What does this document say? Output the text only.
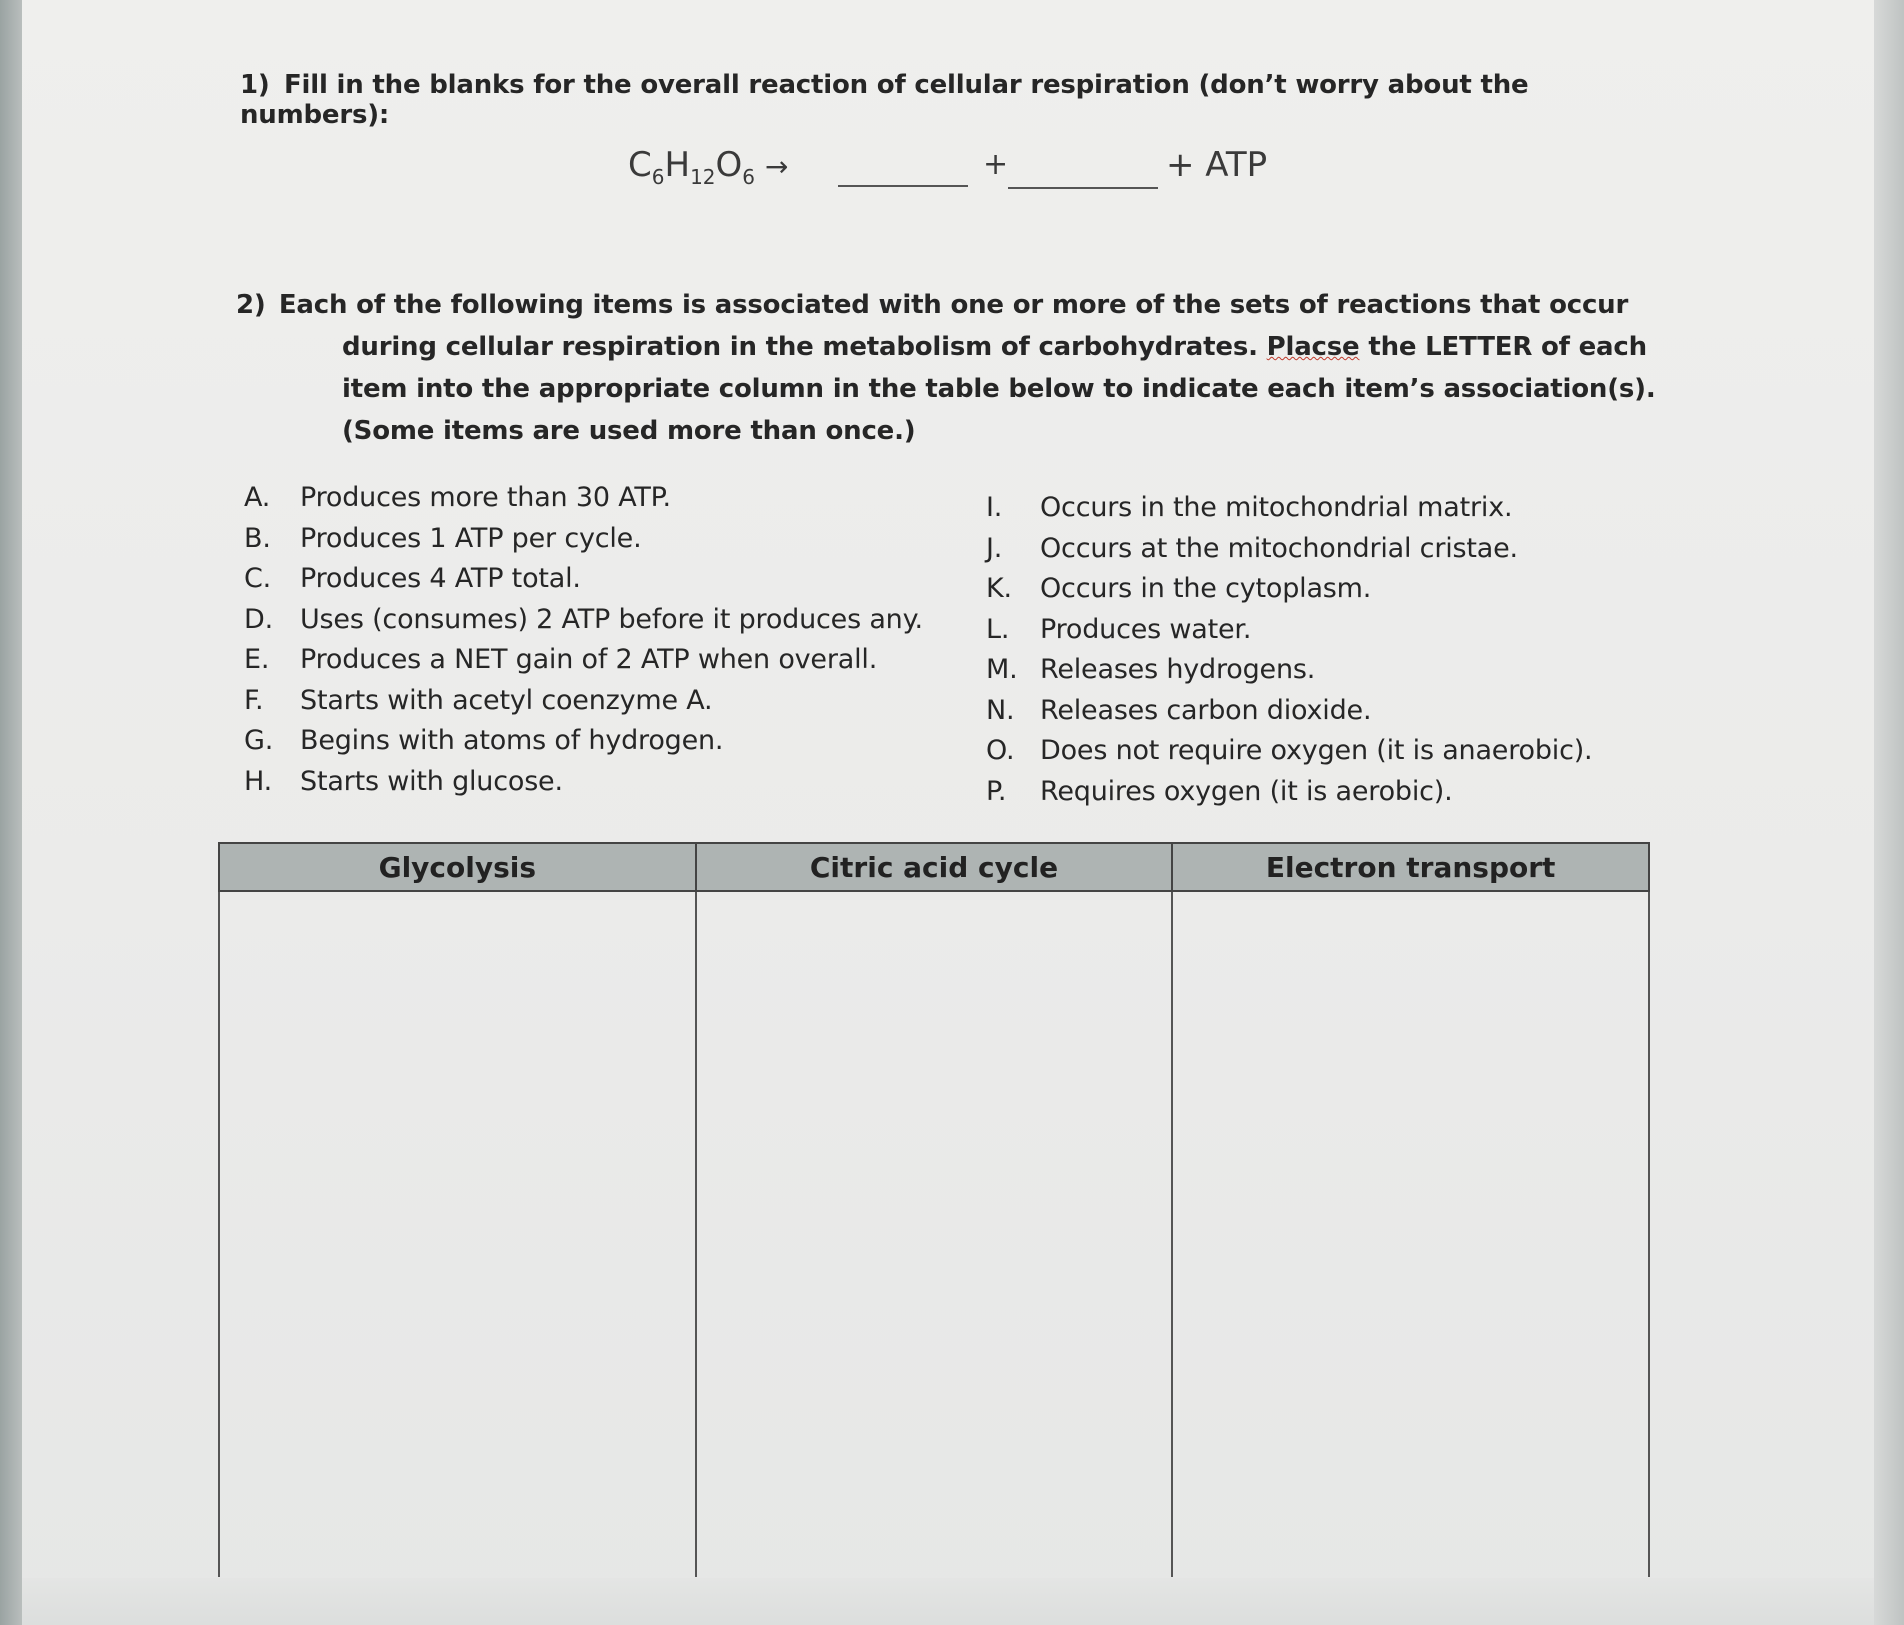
1) Fill in the blanks for the overall reaction of cellular respiration (don’t worry about the numbers):
$C_6H_{12}O_6$ →	+	+ ATP
2) Each of the following items is associated with one or more of the sets of reactions that occur during cellular respiration in the metabolism of carbohydrates. Placse the LETTER of each item into the appropriate column in the table below to indicate each item’s association(s). (Some items are used more than once.)
A.	Produces more than 30 ATP.
B.	Produces 1 ATP per cycle.
C.	Produces 4 ATP total.
D.	Uses (consumes) 2 ATP before it produces any.
E.	Produces a NET gain of 2 ATP when overall.
F.	Starts with acetyl coenzyme A.
G. Begins with atoms of hydrogen.
H.	Starts with glucose.
I.	Occurs in the mitochondrial matrix.
J.	Occurs at the mitochondrial cristae.
K.	Occurs in the cytoplasm.
L.	Produces water.
M. Releases hydrogens.
N. Releases carbon dioxide.
O. Does not require oxygen (it is anaerobic).
P.	Requires oxygen (it is aerobic).
Glycolysis	Citric acid cycle	Electron transport
